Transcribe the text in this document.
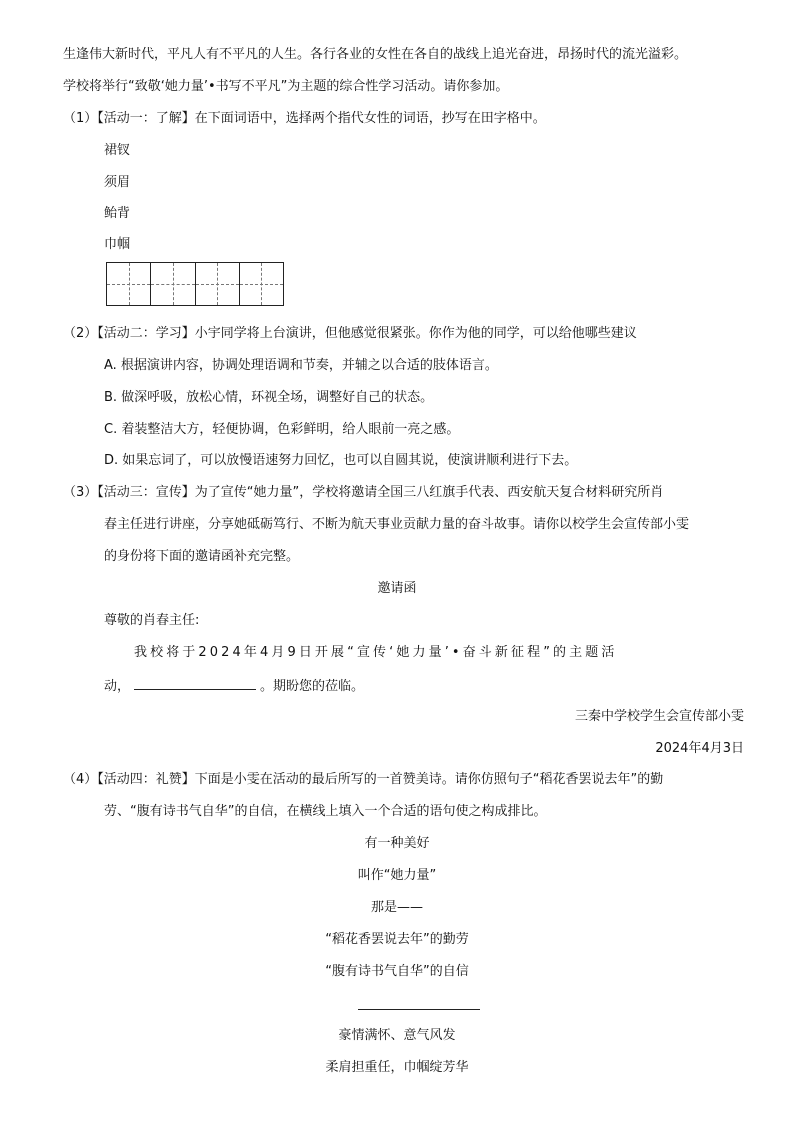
生逢伟大新时代，平凡人有不平凡的人生。各行各业的女性在各自的战线上追光奋进，昂扬时代的流光溢彩。
学校将举行“致敬‘她力量’•书写不平凡”为主题的综合性学习活动。请你参加。
（1）【活动一：了解】在下面词语中，选择两个指代女性的词语，抄写在田字格中。
裙钗
须眉
鲐背
巾帼
（2）【活动二：学习】小宇同学将上台演讲，但他感觉很紧张。你作为他的同学，可以给他哪些建议
A. 根据演讲内容，协调处理语调和节奏，并辅之以合适的肢体语言。
B. 做深呼吸，放松心情，环视全场，调整好自己的状态。
C. 着装整洁大方，轻便协调，色彩鲜明，给人眼前一亮之感。
D. 如果忘词了，可以放慢语速努力回忆，也可以自圆其说，使演讲顺利进行下去。
（3）【活动三：宣传】为了宣传“她力量”，学校将邀请全国三八红旗手代表、西安航天复合材料研究所肖
春主任进行讲座，分享她砥砺笃行、不断为航天事业贡献力量的奋斗故事。请你以校学生会宣传部小雯
的身份将下面的邀请函补充完整。
邀请函
尊敬的肖春主任:
我校将于2024年4月9日开展“宣传‘她力量’•奋斗新征程”的主题活
动，	。期盼您的莅临。
三秦中学校学生会宣传部小雯
2024年4月3日
（4）【活动四：礼赞】下面是小雯在活动的最后所写的一首赞美诗。请你仿照句子“稻花香罢说去年”的勤
劳、“腹有诗书气自华”的自信，在横线上填入一个合适的语句使之构成排比。
有一种美好
叫作“她力量”
那是——
“稻花香罢说去年”的勤劳
“腹有诗书气自华”的自信
豪情满怀、意气风发
柔肩担重任，巾帼绽芳华
